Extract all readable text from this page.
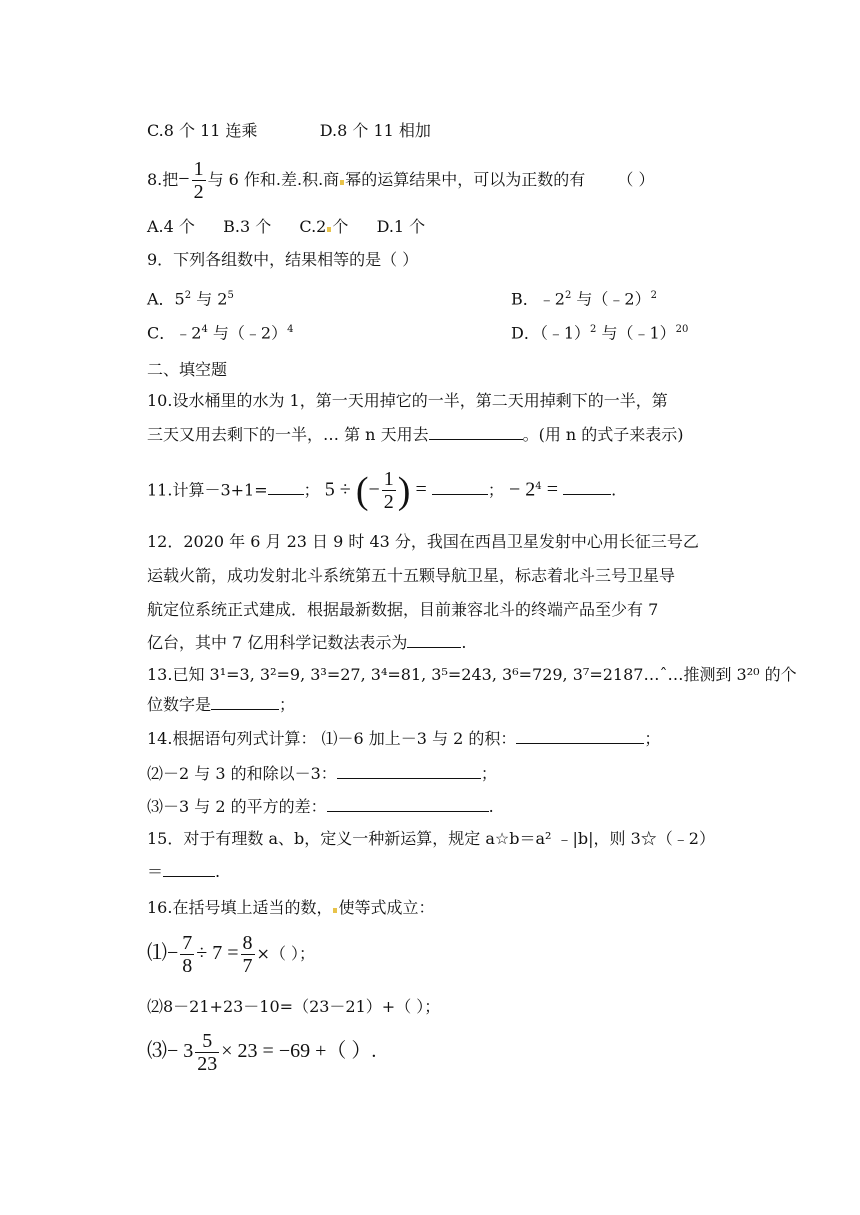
C.8 个 11 连乘	D.8 个 11 相加
8.把− $\frac{1}{2}$ 与 6 作和.差.积.商 幂的运算结果中，可以为正数的有 （ ）
A.4 个 B.3 个 C.2 个 D.1 个
9．下列各组数中，结果相等的是（ ）
A．$5^2$ 与 $2^5$	B．$﹣2^2$ 与（﹣2）$^2$
C．$﹣2^4$ 与（﹣2）$^4$	D．（﹣1）$^2$ 与（﹣1）$^{20}$
二、填空题
10.设水桶里的水为 1，第一天用掉它的一半，第二天用掉剩下的一半，第
三天又用去剩下的一半，… 第 n 天用去	。(用 n 的式子来表示)
11.计算－3+1= ； 5 ÷ (− $\frac{1}{2}$ ) =	； − $2^4$ =	.
12．2020 年 6 月 23 日 9 时 43 分，我国在西昌卫星发射中心用长征三号乙
运载火箭，成功发射北斗系统第五十五颗导航卫星，标志着北斗三号卫星导
航定位系统正式建成．根据最新数据，目前兼容北斗的终端产品至少有 7
亿台，其中 7 亿用科学记数法表示为	.
13.已知 3¹=3, 3²=9, 3³=27, 3⁴=81, 3⁵=243, 3⁶=729, 3⁷=2187…ˆ…推测到 3²⁰ 的个
位数字是	；
14.根据语句列式计算： ⑴－6 加上－3 与 2 的积：	；
⑵－2 与 3 的和除以－3：	；
⑶－3 与 2 的平方的差：	.
15．对于有理数 a、b，定义一种新运算，规定 a☆b＝a² ﹣|b|，则 3☆（﹣2）
＝	.
16.在括号填上适当的数， 使等式成立：
⑴− $\frac{7}{8} \div 7 = \frac{8}{7}$ ×（ ）；
⑵8－21+23－10=（23－21）+（ ）；
⑶− $3 \frac{5}{23} \times 23 = -69$ +（ ）.
